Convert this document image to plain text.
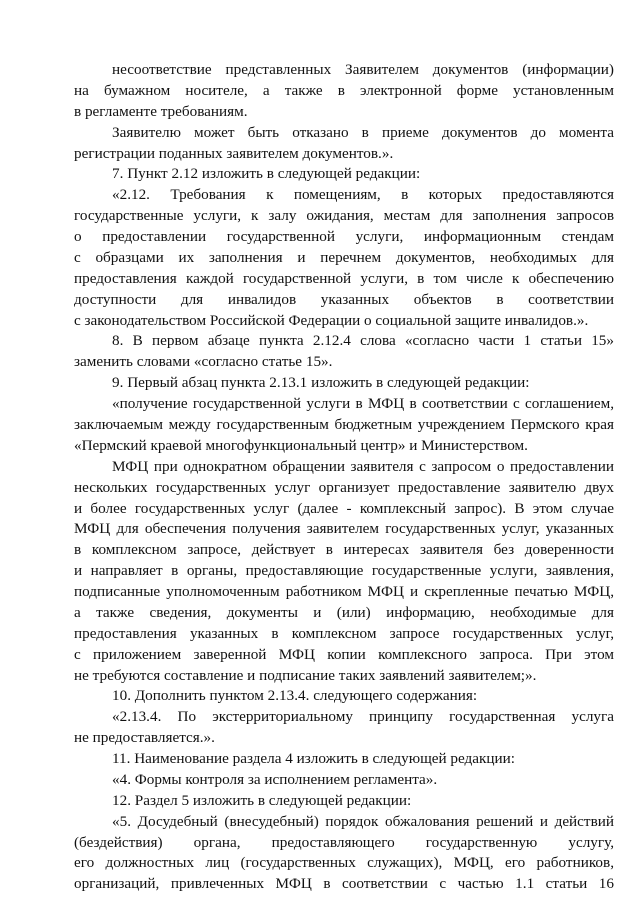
несоответствие представленных Заявителем документов (информации)
на бумажном носителе, а также в электронной форме установленным
в регламенте требованиям.
Заявителю может быть отказано в приеме документов до момента
регистрации поданных заявителем документов.».
7. Пункт 2.12 изложить в следующей редакции:
«2.12. Требования к помещениям, в которых предоставляются
государственные услуги, к залу ожидания, местам для заполнения запросов
о предоставлении государственной услуги, информационным стендам
с образцами их заполнения и перечнем документов, необходимых для
предоставления каждой государственной услуги, в том числе к обеспечению
доступности для инвалидов указанных объектов в соответствии
с законодательством Российской Федерации о социальной защите инвалидов.».
8. В первом абзаце пункта 2.12.4 слова «согласно части 1 статьи 15»
заменить словами «согласно статье 15».
9. Первый абзац пункта 2.13.1 изложить в следующей редакции:
«получение государственной услуги в МФЦ в соответствии с соглашением,
заключаемым между государственным бюджетным учреждением Пермского края
«Пермский краевой многофункциональный центр» и Министерством.
МФЦ при однократном обращении заявителя с запросом о предоставлении
нескольких государственных услуг организует предоставление заявителю двух
и более государственных услуг (далее - комплексный запрос). В этом случае
МФЦ для обеспечения получения заявителем государственных услуг, указанных
в комплексном запросе, действует в интересах заявителя без доверенности
и направляет в органы, предоставляющие государственные услуги, заявления,
подписанные уполномоченным работником МФЦ и скрепленные печатью МФЦ,
а также сведения, документы и (или) информацию, необходимые для
предоставления указанных в комплексном запросе государственных услуг,
с приложением заверенной МФЦ копии комплексного запроса. При этом
не требуются составление и подписание таких заявлений заявителем;».
10. Дополнить пунктом 2.13.4. следующего содержания:
«2.13.4. По экстерриториальному принципу государственная услуга
не предоставляется.».
11. Наименование раздела 4 изложить в следующей редакции:
«4. Формы контроля за исполнением регламента».
12. Раздел 5 изложить в следующей редакции:
«5. Досудебный (внесудебный) порядок обжалования решений и действий
(бездействия) органа, предоставляющего государственную услугу,
его должностных лиц (государственных служащих), МФЦ, его работников,
организаций, привлеченных МФЦ в соответствии с частью 1.1 статьи 16
